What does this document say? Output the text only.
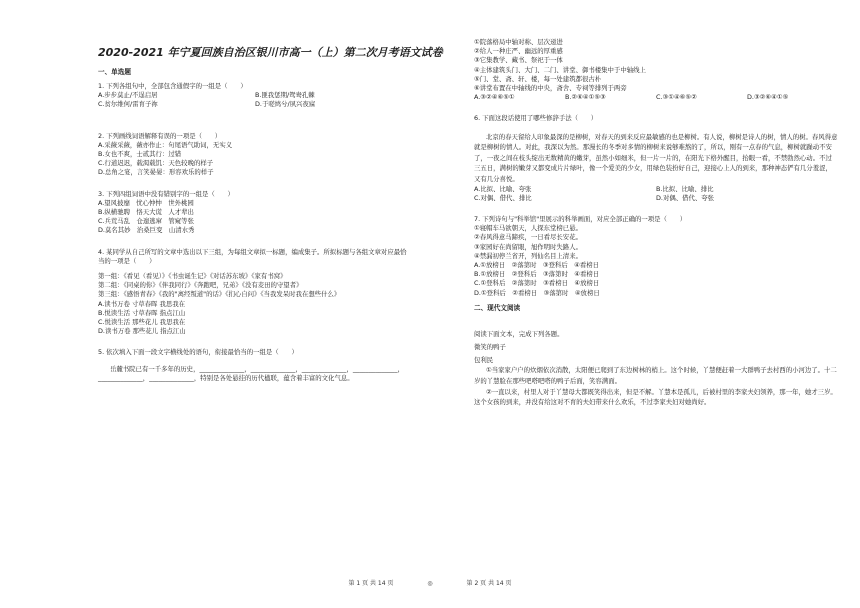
2020-2021 年宁夏回族自治区银川市高一（上）第二次月考语文试卷
一、单选题
1. 下列各组句中，全部包含通假字的一组是（　　）
A.步步莫止/不逞启居	B.匪我惩期/鸳鸯孔棘
C.贫尔维何/雷育子祢	D.于嗟鸠兮/夙兴夜寐
2. 下列画线词语解释有误的一项是（　　）
A.采薇采薇，薇亦作止：句尾语气助词，无实义
B.女也不爽，士贰其行：过错
C.行道迟迟，载渴载饥：天色较晚的样子
D.总角之宴，言笑晏晏：形容欢乐的样子
3. 下列四组词语中没有错别字的一组是（　　）
A.望风披靡　忧心忡忡　世外桃园
B.纵横驰聘　恪天大谎　人才辈出
C.兵荒马乱　仓遑逃窜　管窥等张
D.莫名其妙　治桑巨变　山清水秀
4. 某同学从自己所写的文章中选出以下三组，为每组文章拟一标题，编成集子。所拟标题与各组文章对应最恰当的一项是（　　）
第一组：《看见（看见）》《书虫诞生记》《对话苏东坡》《家有书窝》
第二组：《同桌的你》《伴我同行》《奔跑吧，兄弟》《没有麦田的守望者》
第三组：《感悟青春》《我的"离经叛道"的话》《扪心自问》《当我发呆时我在想些什么》
A.读书万卷 寸草春晖 我思我在
B.悦读生活 寸草春晖 指点江山
C.悦读生活 那些花儿 我思我在
D.读书万卷 那些花儿 指点江山
5. 依次填入下面一段文字横线处的语句，衔接最恰当的一组是（　　）
岳麓书院已有一千多年的历史，______________，______________，______________，______________，
______________，______________，特别是各处悬挂的历代楹联，蕴含着丰富的文化气息。
①院落格局中轴对称、层次递进
②给人一种庄严、幽远的厚重感
③它集教学、藏书、祭祀于一体
④主体建筑头门、大门、二门、讲堂、御书楼集中于中轴线上
⑤门、堂、斋、轩、楼，每一处建筑都很古朴
⑥讲堂布置在中轴线的中央，斋舍、专祠等排列于两旁
A.③②④⑥⑤①	B.②⑥④①⑤③	C.③①④⑥⑤②	D.③②⑥④①⑤
6. 下面这段话使用了哪些修辞手法（　　）
北京的春天留给人印象最深的是柳树，对春天的到来反应最敏感的也是柳树。有人说，柳树是诗人的树，情人的树。春风得意就是柳树的情人。对此，我深以为然。那漫长的冬季对多情的柳树来说够难熬的了，所以，刚有一点春的气息，柳树就躁动不安了，一夜之间在枝头绽出无数精黄的嫩芽，虽然小如细米，但一片一片的，在阳光下格外醒目，抬眼一看，不禁勃然心动。不过三五日，满树的嫩芽又都变成片片绿叶，像一个爱美的少女，用绿色装扮好自己，迎接心上人的到来，那种神态俨有几分羞涩，又有几分喜悦。
A.比拟、比喻、夸张	B.比拟、比喻、排比
C.对偶、借代、排比	D.对偶、借代、夸张
7. 下列诗句与"科举馆"里展示的科举画面，对应全部正确的一项是（　　）
①寝帽车马欲朝天，人探东堂榜已悬。
②春风得意马蹄疾，一日看尽长安花。
③家园好在尚留眼，旭作明时失路人。
④禁漏初停兰省开，列仙名目上清来。
A.①放榜日　②落第时　③登科后　④看榜日
B.①放榜日　②登科后　③落第时　④看榜日
C.①登科后　②落第时　③看榜日　④放榜日
D.①登科后　②看榜日　③落第时　④放榜日
二、现代文阅读
阅读下面文本，完成下列各题。
微笑的鸭子
包利民
①当家家户户的炊烟依次消散，太阳便已爬到了东边树林的梢上。这个时候，丫慧便赶着一大群鸭子去村西的小河边了。十二岁的丫慧脸在那些吧嗒吧嗒的鸭子后面，笑容满面。
②一直以来，村里人对于丫慧母大都既笑得出来，但是不解。丫慧本是孤儿，后被村里的李家夫妇领养，那一年，她才三岁。这个女孩的到来，并没有给这对不育的夫妇带来什么欢乐，不过李家夫妇对她尚好。
第 1 页 共 14 页	◎	第 2 页 共 14 页
